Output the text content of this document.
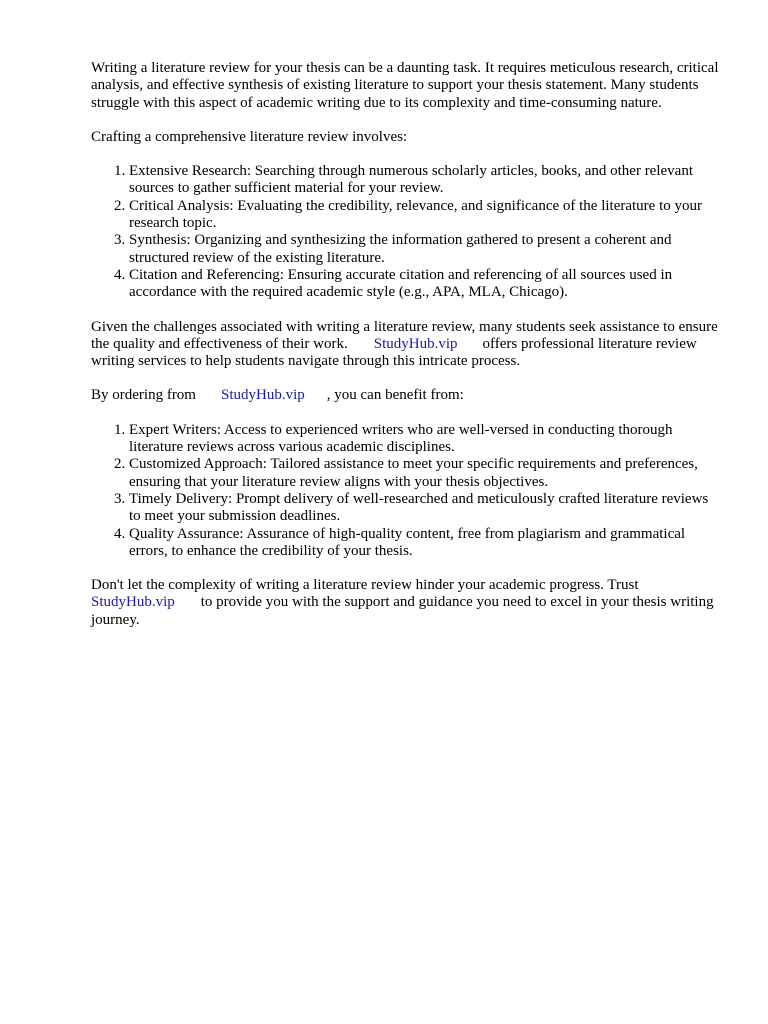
Writing a literature review for your thesis can be a daunting task. It requires meticulous research, critical analysis, and effective synthesis of existing literature to support your thesis statement. Many students struggle with this aspect of academic writing due to its complexity and time-consuming nature.

Crafting a comprehensive literature review involves:

1. Extensive Research: Searching through numerous scholarly articles, books, and other relevant sources to gather sufficient material for your review.
2. Critical Analysis: Evaluating the credibility, relevance, and significance of the literature to your research topic.
3. Synthesis: Organizing and synthesizing the information gathered to present a coherent and structured review of the existing literature.
4. Citation and Referencing: Ensuring accurate citation and referencing of all sources used in accordance with the required academic style (e.g., APA, MLA, Chicago).

Given the challenges associated with writing a literature review, many students seek assistance to ensure the quality and effectiveness of their work. StudyHub.vip offers professional literature review writing services to help students navigate through this intricate process.

By ordering from StudyHub.vip , you can benefit from:

1. Expert Writers: Access to experienced writers who are well-versed in conducting thorough literature reviews across various academic disciplines.
2. Customized Approach: Tailored assistance to meet your specific requirements and preferences, ensuring that your literature review aligns with your thesis objectives.
3. Timely Delivery: Prompt delivery of well-researched and meticulously crafted literature reviews to meet your submission deadlines.
4. Quality Assurance: Assurance of high-quality content, free from plagiarism and grammatical errors, to enhance the credibility of your thesis.

Don't let the complexity of writing a literature review hinder your academic progress. Trust StudyHub.vip to provide you with the support and guidance you need to excel in your thesis writing journey.
